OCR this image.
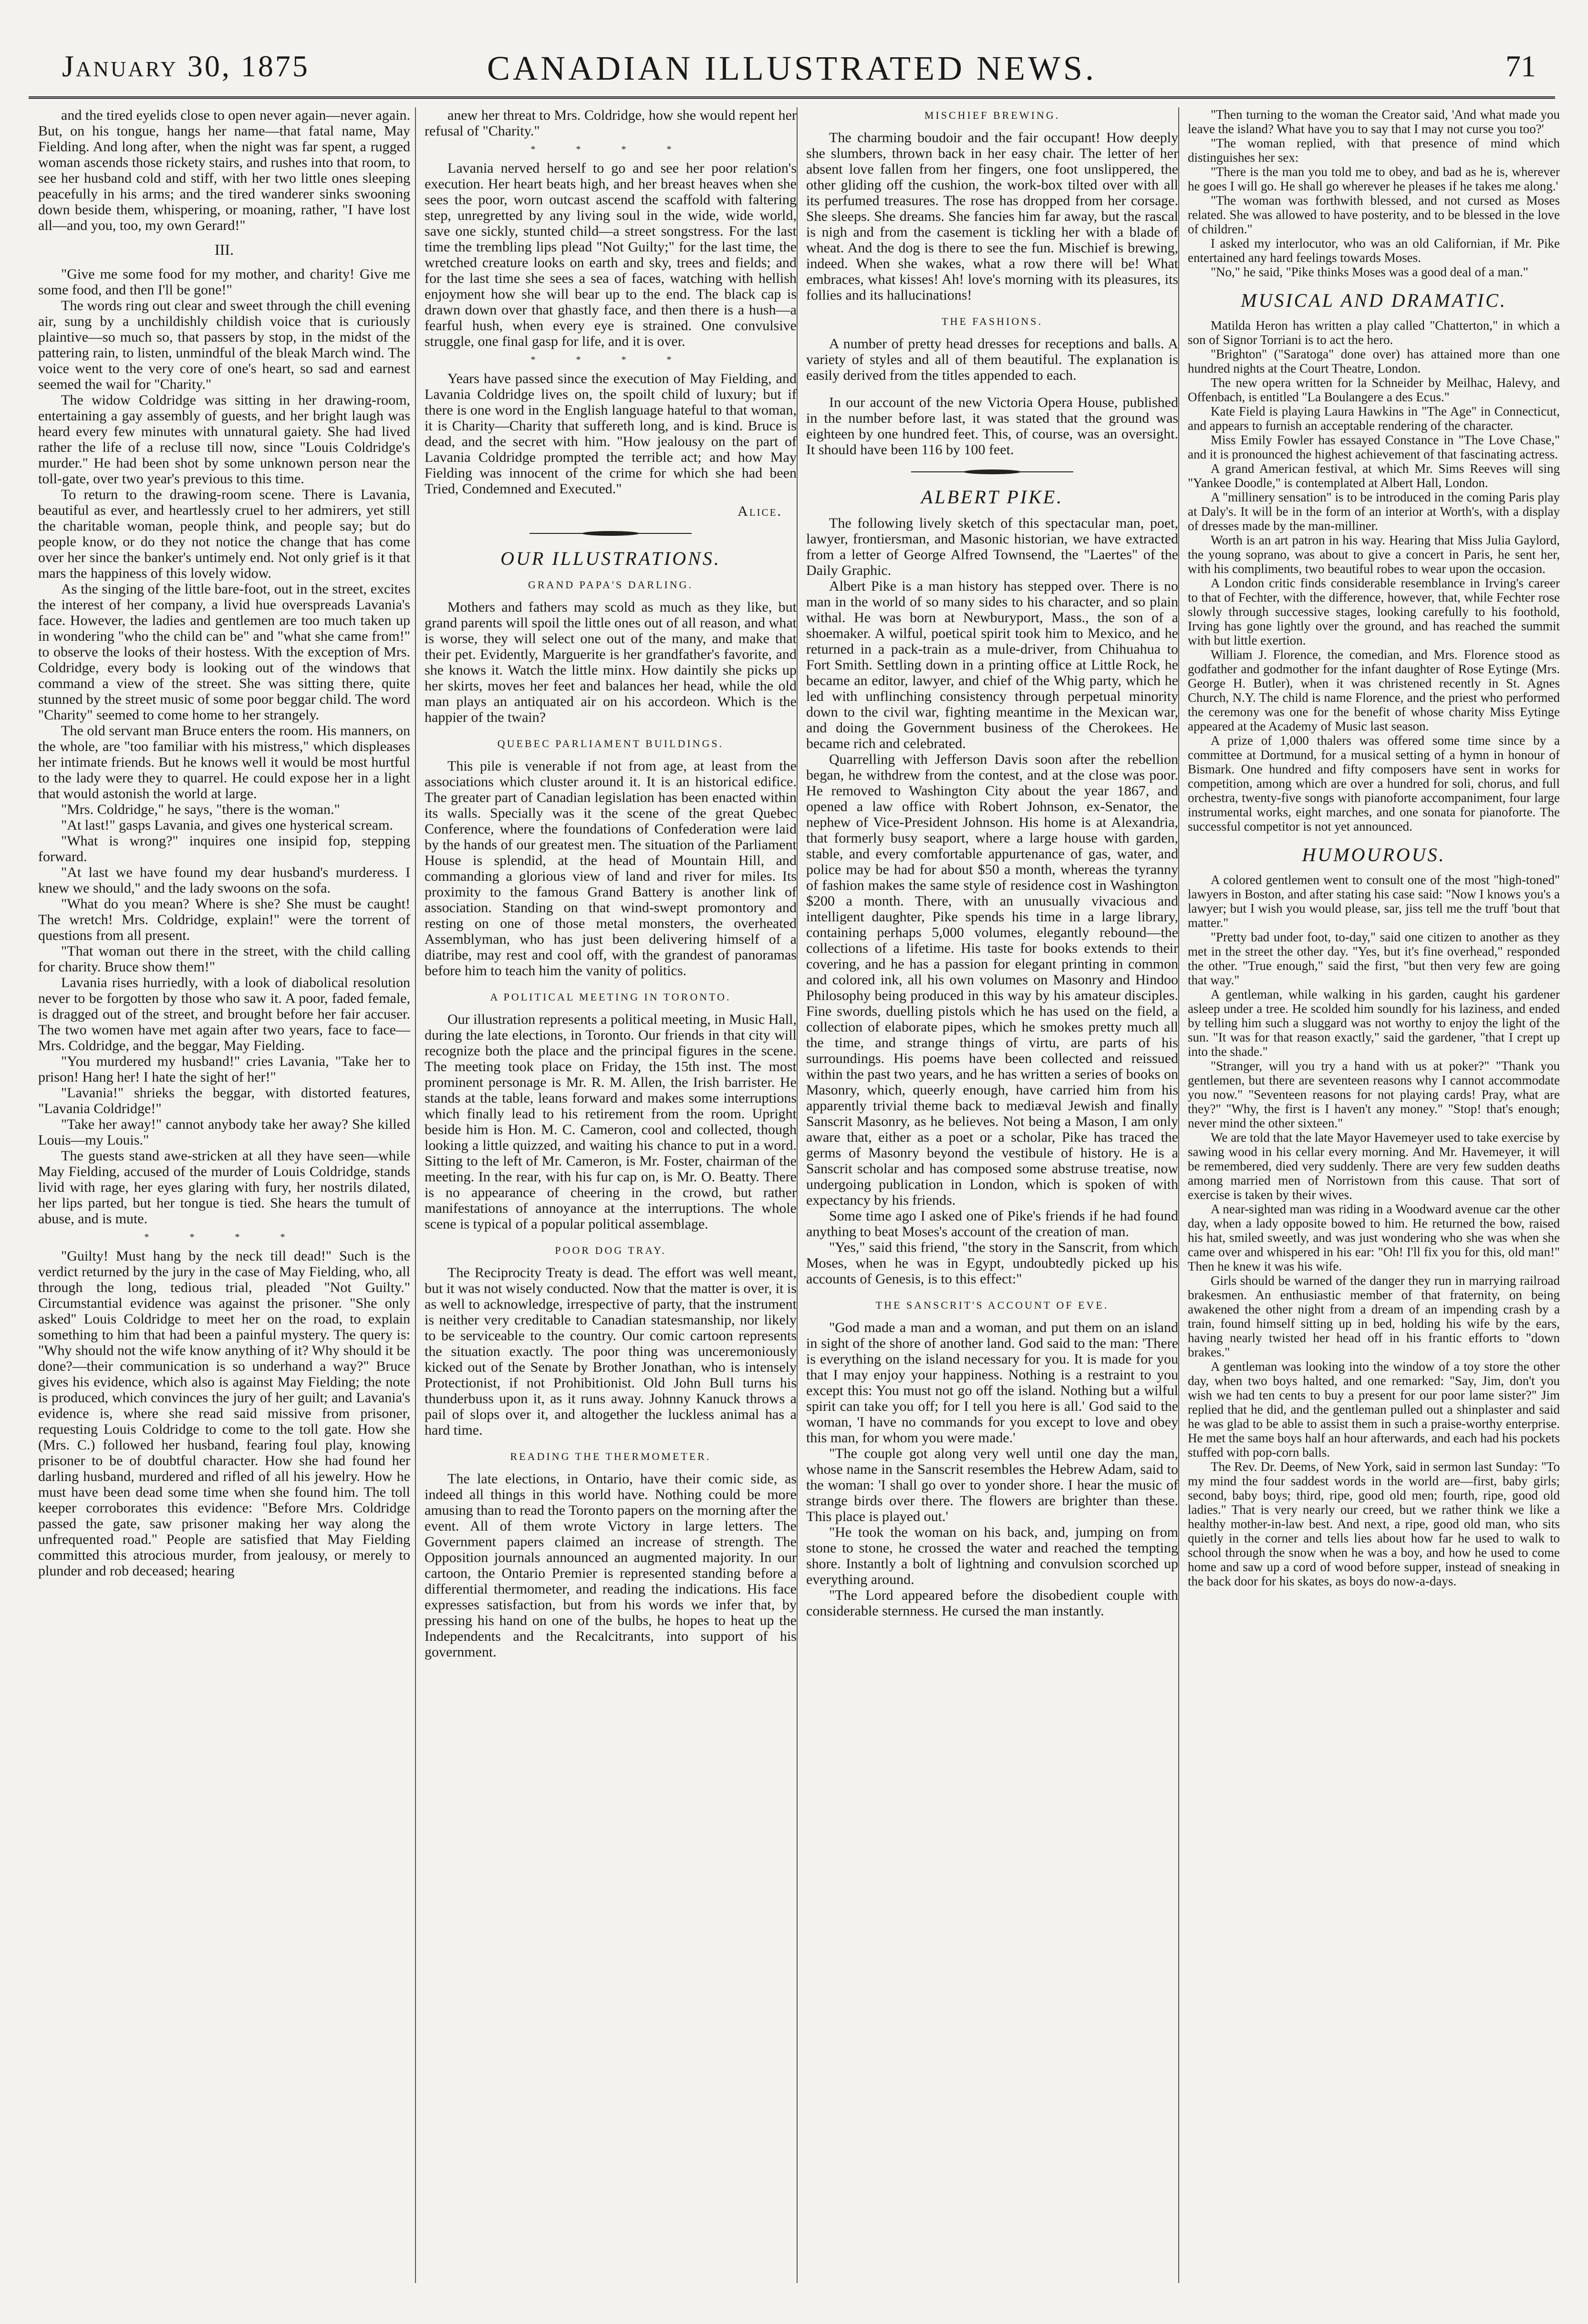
January 30, 1875	CANADIAN ILLUSTRATED NEWS.	71

and the tired eyelids close to open never again—never again. But, on his tongue, hangs her name—that fatal name, May Fielding. And long after, when the night was far spent, a rugged woman ascends those rickety stairs, and rushes into that room, to see her husband cold and stiff, with her two little ones sleeping peacefully in his arms; and the tired wanderer sinks swooning down beside them, whispering, or moaning, rather, "I have lost all—and you, too, my own Gerard!"

III.

"Give me some food for my mother, and charity! Give me some food, and then I'll be gone!"

The words ring out clear and sweet through the chill evening air, sung by a unchildishly childish voice that is curiously plaintive—so much so, that passers by stop, in the midst of the pattering rain, to listen, unmindful of the bleak March wind. The voice went to the very core of one's heart, so sad and earnest seemed the wail for "Charity."

The widow Coldridge was sitting in her drawing-room, entertaining a gay assembly of guests, and her bright laugh was heard every few minutes with unnatural gaiety. She had lived rather the life of a recluse till now, since "Louis Coldridge's murder." He had been shot by some unknown person near the toll-gate, over two year's previous to this time.

To return to the drawing-room scene. There is Lavania, beautiful as ever, and heartlessly cruel to her admirers, yet still the charitable woman, people think, and people say; but do people know, or do they not notice the change that has come over her since the banker's untimely end. Not only grief is it that mars the happiness of this lovely widow.

As the singing of the little bare-foot, out in the street, excites the interest of her company, a livid hue overspreads Lavania's face. However, the ladies and gentlemen are too much taken up in wondering "who the child can be" and "what she came from!" to observe the looks of their hostess. With the exception of Mrs. Coldridge, every body is looking out of the windows that command a view of the street. She was sitting there, quite stunned by the street music of some poor beggar child. The word "Charity" seemed to come home to her strangely.

The old servant man Bruce enters the room. His manners, on the whole, are "too familiar with his mistress," which displeases her intimate friends. But he knows well it would be most hurtful to the lady were they to quarrel. He could expose her in a light that would astonish the world at large.

"Mrs. Coldridge," he says, "there is the woman."

"At last!" gasps Lavania, and gives one hysterical scream.

"What is wrong?" inquires one insipid fop, stepping forward.

"At last we have found my dear husband's murderess. I knew we should," and the lady swoons on the sofa.

"What do you mean? Where is she? She must be caught! The wretch! Mrs. Coldridge, explain!" were the torrent of questions from all present.

"That woman out there in the street, with the child calling for charity. Bruce show them!"

Lavania rises hurriedly, with a look of diabolical resolution never to be forgotten by those who saw it. A poor, faded female, is dragged out of the street, and brought before her fair accuser. The two women have met again after two years, face to face—Mrs. Coldridge, and the beggar, May Fielding.

"You murdered my husband!" cries Lavania, "Take her to prison! Hang her! I hate the sight of her!"

"Lavania!" shrieks the beggar, with distorted features, "Lavania Coldridge!"

"Take her away!" cannot anybody take her away? She killed Louis—my Louis."

The guests stand awe-stricken at all they have seen—while May Fielding, accused of the murder of Louis Coldridge, stands livid with rage, her eyes glaring with fury, her nostrils dilated, her lips parted, but her tongue is tied. She hears the tumult of abuse, and is mute.

* * * *

"Guilty! Must hang by the neck till dead!" Such is the verdict returned by the jury in the case of May Fielding, who, all through the long, tedious trial, pleaded "Not Guilty." Circumstantial evidence was against the prisoner. "She only asked" Louis Coldridge to meet her on the road, to explain something to him that had been a painful mystery. The query is: "Why should not the wife know anything of it? Why should it be done?—their communication is so underhand a way?" Bruce gives his evidence, which also is against May Fielding; the note is produced, which convinces the jury of her guilt; and Lavania's evidence is, where she read said missive from prisoner, requesting Louis Coldridge to come to the toll gate. How she (Mrs. C.) followed her husband, fearing foul play, knowing prisoner to be of doubtful character. How she had found her darling husband, murdered and rifled of all his jewelry. How he must have been dead some time when she found him. The toll keeper corroborates this evidence: "Before Mrs. Coldridge passed the gate, saw prisoner making her way along the unfrequented road." People are satisfied that May Fielding committed this atrocious murder, from jealousy, or merely to plunder and rob deceased; hearing

anew her threat to Mrs. Coldridge, how she would repent her refusal of "Charity."

* * * *

Lavania nerved herself to go and see her poor relation's execution. Her heart beats high, and her breast heaves when she sees the poor, worn outcast ascend the scaffold with faltering step, unregretted by any living soul in the wide, wide world, save one sickly, stunted child—a street songstress. For the last time the trembling lips plead "Not Guilty;" for the last time, the wretched creature looks on earth and sky, trees and fields; and for the last time she sees a sea of faces, watching with hellish enjoyment how she will bear up to the end. The black cap is drawn down over that ghastly face, and then there is a hush—a fearful hush, when every eye is strained. One convulsive struggle, one final gasp for life, and it is over.

* * * *

Years have passed since the execution of May Fielding, and Lavania Coldridge lives on, the spoilt child of luxury; but if there is one word in the English language hateful to that woman, it is Charity—Charity that suffereth long, and is kind. Bruce is dead, and the secret with him. "How jealousy on the part of Lavania Coldridge prompted the terrible act; and how May Fielding was innocent of the crime for which she had been Tried, Condemned and Executed."

Alice.
OUR ILLUSTRATIONS.
GRAND PAPA'S DARLING.

Mothers and fathers may scold as much as they like, but grand parents will spoil the little ones out of all reason, and what is worse, they will select one out of the many, and make that their pet. Evidently, Marguerite is her grandfather's favorite, and she knows it. Watch the little minx. How daintily she picks up her skirts, moves her feet and balances her head, while the old man plays an antiquated air on his accordeon. Which is the happier of the twain?

QUEBEC PARLIAMENT BUILDINGS.

This pile is venerable if not from age, at least from the associations which cluster around it. It is an historical edifice. The greater part of Canadian legislation has been enacted within its walls. Specially was it the scene of the great Quebec Conference, where the foundations of Confederation were laid by the hands of our greatest men. The situation of the Parliament House is splendid, at the head of Mountain Hill, and commanding a glorious view of land and river for miles. Its proximity to the famous Grand Battery is another link of association. Standing on that wind-swept promontory and resting on one of those metal monsters, the overheated Assemblyman, who has just been delivering himself of a diatribe, may rest and cool off, with the grandest of panoramas before him to teach him the vanity of politics.

A POLITICAL MEETING IN TORONTO.

Our illustration represents a political meeting, in Music Hall, during the late elections, in Toronto. Our friends in that city will recognize both the place and the principal figures in the scene. The meeting took place on Friday, the 15th inst. The most prominent personage is Mr. R. M. Allen, the Irish barrister. He stands at the table, leans forward and makes some interruptions which finally lead to his retirement from the room. Upright beside him is Hon. M. C. Cameron, cool and collected, though looking a little quizzed, and waiting his chance to put in a word. Sitting to the left of Mr. Cameron, is Mr. Foster, chairman of the meeting. In the rear, with his fur cap on, is Mr. O. Beatty. There is no appearance of cheering in the crowd, but rather manifestations of annoyance at the interruptions. The whole scene is typical of a popular political assemblage.

POOR DOG TRAY.

The Reciprocity Treaty is dead. The effort was well meant, but it was not wisely conducted. Now that the matter is over, it is as well to acknowledge, irrespective of party, that the instrument is neither very creditable to Canadian statesmanship, nor likely to be serviceable to the country. Our comic cartoon represents the situation exactly. The poor thing was unceremoniously kicked out of the Senate by Brother Jonathan, who is intensely Protectionist, if not Prohibitionist. Old John Bull turns his thunderbuss upon it, as it runs away. Johnny Kanuck throws a pail of slops over it, and altogether the luckless animal has a hard time.

READING THE THERMOMETER.

The late elections, in Ontario, have their comic side, as indeed all things in this world have. Nothing could be more amusing than to read the Toronto papers on the morning after the event. All of them wrote Victory in large letters. The Government papers claimed an increase of strength. The Opposition journals announced an augmented majority. In our cartoon, the Ontario Premier is represented standing before a differential thermometer, and reading the indications. His face expresses satisfaction, but from his words we infer that, by pressing his hand on one of the bulbs, he hopes to heat up the Independents and the Recalcitrants, into support of his government.

MISCHIEF BREWING.

The charming boudoir and the fair occupant! How deeply she slumbers, thrown back in her easy chair. The letter of her absent love fallen from her fingers, one foot unslippered, the other gliding off the cushion, the work-box tilted over with all its perfumed treasures. The rose has dropped from her corsage. She sleeps. She dreams. She fancies him far away, but the rascal is nigh and from the casement is tickling her with a blade of wheat. And the dog is there to see the fun. Mischief is brewing, indeed. When she wakes, what a row there will be! What embraces, what kisses! Ah! love's morning with its pleasures, its follies and its hallucinations!

THE FASHIONS.

A number of pretty head dresses for receptions and balls. A variety of styles and all of them beautiful. The explanation is easily derived from the titles appended to each.

In our account of the new Victoria Opera House, published in the number before last, it was stated that the ground was eighteen by one hundred feet. This, of course, was an oversight. It should have been 116 by 100 feet.

ALBERT PIKE.

The following lively sketch of this spectacular man, poet, lawyer, frontiersman, and Masonic historian, we have extracted from a letter of George Alfred Townsend, the "Laertes" of the Daily Graphic.

Albert Pike is a man history has stepped over. There is no man in the world of so many sides to his character, and so plain withal. He was born at Newburyport, Mass., the son of a shoemaker. A wilful, poetical spirit took him to Mexico, and he returned in a pack-train as a mule-driver, from Chihuahua to Fort Smith. Settling down in a printing office at Little Rock, he became an editor, lawyer, and chief of the Whig party, which he led with unflinching consistency through perpetual minority down to the civil war, fighting meantime in the Mexican war, and doing the Government business of the Cherokees. He became rich and celebrated.

Quarrelling with Jefferson Davis soon after the rebellion began, he withdrew from the contest, and at the close was poor. He removed to Washington City about the year 1867, and opened a law office with Robert Johnson, ex-Senator, the nephew of Vice-President Johnson. His home is at Alexandria, that formerly busy seaport, where a large house with garden, stable, and every comfortable appurtenance of gas, water, and police may be had for about $50 a month, whereas the tyranny of fashion makes the same style of residence cost in Washington $200 a month. There, with an unusually vivacious and intelligent daughter, Pike spends his time in a large library, containing perhaps 5,000 volumes, elegantly rebound—the collections of a lifetime. His taste for books extends to their covering, and he has a passion for elegant printing in common and colored ink, all his own volumes on Masonry and Hindoo Philosophy being produced in this way by his amateur disciples. Fine swords, duelling pistols which he has used on the field, a collection of elaborate pipes, which he smokes pretty much all the time, and strange things of virtu, are parts of his surroundings. His poems have been collected and reissued within the past two years, and he has written a series of books on Masonry, which, queerly enough, have carried him from his apparently trivial theme back to mediæval Jewish and finally Sanscrit Masonry, as he believes. Not being a Mason, I am only aware that, either as a poet or a scholar, Pike has traced the germs of Masonry beyond the vestibule of history. He is a Sanscrit scholar and has composed some abstruse treatise, now undergoing publication in London, which is spoken of with expectancy by his friends.

Some time ago I asked one of Pike's friends if he had found anything to beat Moses's account of the creation of man.

"Yes," said this friend, "the story in the Sanscrit, from which Moses, when he was in Egypt, undoubtedly picked up his accounts of Genesis, is to this effect:"

THE SANSCRIT'S ACCOUNT OF EVE.

"God made a man and a woman, and put them on an island in sight of the shore of another land. God said to the man: 'There is everything on the island necessary for you. It is made for you that I may enjoy your happiness. Nothing is a restraint to you except this: You must not go off the island. Nothing but a wilful spirit can take you off; for I tell you here is all.' God said to the woman, 'I have no commands for you except to love and obey this man, for whom you were made.'

"The couple got along very well until one day the man, whose name in the Sanscrit resembles the Hebrew Adam, said to the woman: 'I shall go over to yonder shore. I hear the music of strange birds over there. The flowers are brighter than these. This place is played out.'

"He took the woman on his back, and, jumping on from stone to stone, he crossed the water and reached the tempting shore. Instantly a bolt of lightning and convulsion scorched up everything around.

"The Lord appeared before the disobedient couple with considerable sternness. He cursed the man instantly.

"Then turning to the woman the Creator said, 'And what made you leave the island? What have you to say that I may not curse you too?'

"The woman replied, with that presence of mind which distinguishes her sex:

"There is the man you told me to obey, and bad as he is, wherever he goes I will go. He shall go wherever he pleases if he takes me along.'

"The woman was forthwith blessed, and not cursed as Moses related. She was allowed to have posterity, and to be blessed in the love of children."

I asked my interlocutor, who was an old Californian, if Mr. Pike entertained any hard feelings towards Moses.

"No," he said, "Pike thinks Moses was a good deal of a man."

MUSICAL AND DRAMATIC.

Matilda Heron has written a play called "Chatterton," in which a son of Signor Torriani is to act the hero.

"Brighton" ("Saratoga" done over) has attained more than one hundred nights at the Court Theatre, London.

The new opera written for la Schneider by Meilhac, Halevy, and Offenbach, is entitled "La Boulangere a des Ecus."

Kate Field is playing Laura Hawkins in "The Age" in Connecticut, and appears to furnish an acceptable rendering of the character.

Miss Emily Fowler has essayed Constance in "The Love Chase," and it is pronounced the highest achievement of that fascinating actress.

A grand American festival, at which Mr. Sims Reeves will sing "Yankee Doodle," is contemplated at Albert Hall, London.

A "millinery sensation" is to be introduced in the coming Paris play at Daly's. It will be in the form of an interior at Worth's, with a display of dresses made by the man-milliner.

Worth is an art patron in his way. Hearing that Miss Julia Gaylord, the young soprano, was about to give a concert in Paris, he sent her, with his compliments, two beautiful robes to wear upon the occasion.

A London critic finds considerable resemblance in Irving's career to that of Fechter, with the difference, however, that, while Fechter rose slowly through successive stages, looking carefully to his foothold, Irving has gone lightly over the ground, and has reached the summit with but little exertion.

William J. Florence, the comedian, and Mrs. Florence stood as godfather and godmother for the infant daughter of Rose Eytinge (Mrs. George H. Butler), when it was christened recently in St. Agnes Church, N.Y. The child is name Florence, and the priest who performed the ceremony was one for the benefit of whose charity Miss Eytinge appeared at the Academy of Music last season.

A prize of 1,000 thalers was offered some time since by a committee at Dortmund, for a musical setting of a hymn in honour of Bismark. One hundred and fifty composers have sent in works for competition, among which are over a hundred for soli, chorus, and full orchestra, twenty-five songs with pianoforte accompaniment, four large instrumental works, eight marches, and one sonata for pianoforte. The successful competitor is not yet announced.

HUMOUROUS.

A colored gentlemen went to consult one of the most "high-toned" lawyers in Boston, and after stating his case said: "Now I knows you's a lawyer; but I wish you would please, sar, jiss tell me the truff 'bout that matter."

"Pretty bad under foot, to-day," said one citizen to another as they met in the street the other day. "Yes, but it's fine overhead," responded the other. "True enough," said the first, "but then very few are going that way."

A gentleman, while walking in his garden, caught his gardener asleep under a tree. He scolded him soundly for his laziness, and ended by telling him such a sluggard was not worthy to enjoy the light of the sun. "It was for that reason exactly," said the gardener, "that I crept up into the shade."

"Stranger, will you try a hand with us at poker?" "Thank you gentlemen, but there are seventeen reasons why I cannot accommodate you now." "Seventeen reasons for not playing cards! Pray, what are they?" "Why, the first is I haven't any money." "Stop! that's enough; never mind the other sixteen."

We are told that the late Mayor Havemeyer used to take exercise by sawing wood in his cellar every morning. And Mr. Havemeyer, it will be remembered, died very suddenly. There are very few sudden deaths among married men of Norristown from this cause. That sort of exercise is taken by their wives.

A near-sighted man was riding in a Woodward avenue car the other day, when a lady opposite bowed to him. He returned the bow, raised his hat, smiled sweetly, and was just wondering who she was when she came over and whispered in his ear: "Oh! I'll fix you for this, old man!" Then he knew it was his wife.

Girls should be warned of the danger they run in marrying railroad brakesmen. An enthusiastic member of that fraternity, on being awakened the other night from a dream of an impending crash by a train, found himself sitting up in bed, holding his wife by the ears, having nearly twisted her head off in his frantic efforts to "down brakes."

A gentleman was looking into the window of a toy store the other day, when two boys halted, and one remarked: "Say, Jim, don't you wish we had ten cents to buy a present for our poor lame sister?" Jim replied that he did, and the gentleman pulled out a shinplaster and said he was glad to be able to assist them in such a praise-worthy enterprise. He met the same boys half an hour afterwards, and each had his pockets stuffed with pop-corn balls.

The Rev. Dr. Deems, of New York, said in sermon last Sunday: "To my mind the four saddest words in the world are—first, baby girls; second, baby boys; third, ripe, good old men; fourth, ripe, good old ladies." That is very nearly our creed, but we rather think we like a healthy mother-in-law best. And next, a ripe, good old man, who sits quietly in the corner and tells lies about how far he used to walk to school through the snow when he was a boy, and how he used to come home and saw up a cord of wood before supper, instead of sneaking in the back door for his skates, as boys do now-a-days.
